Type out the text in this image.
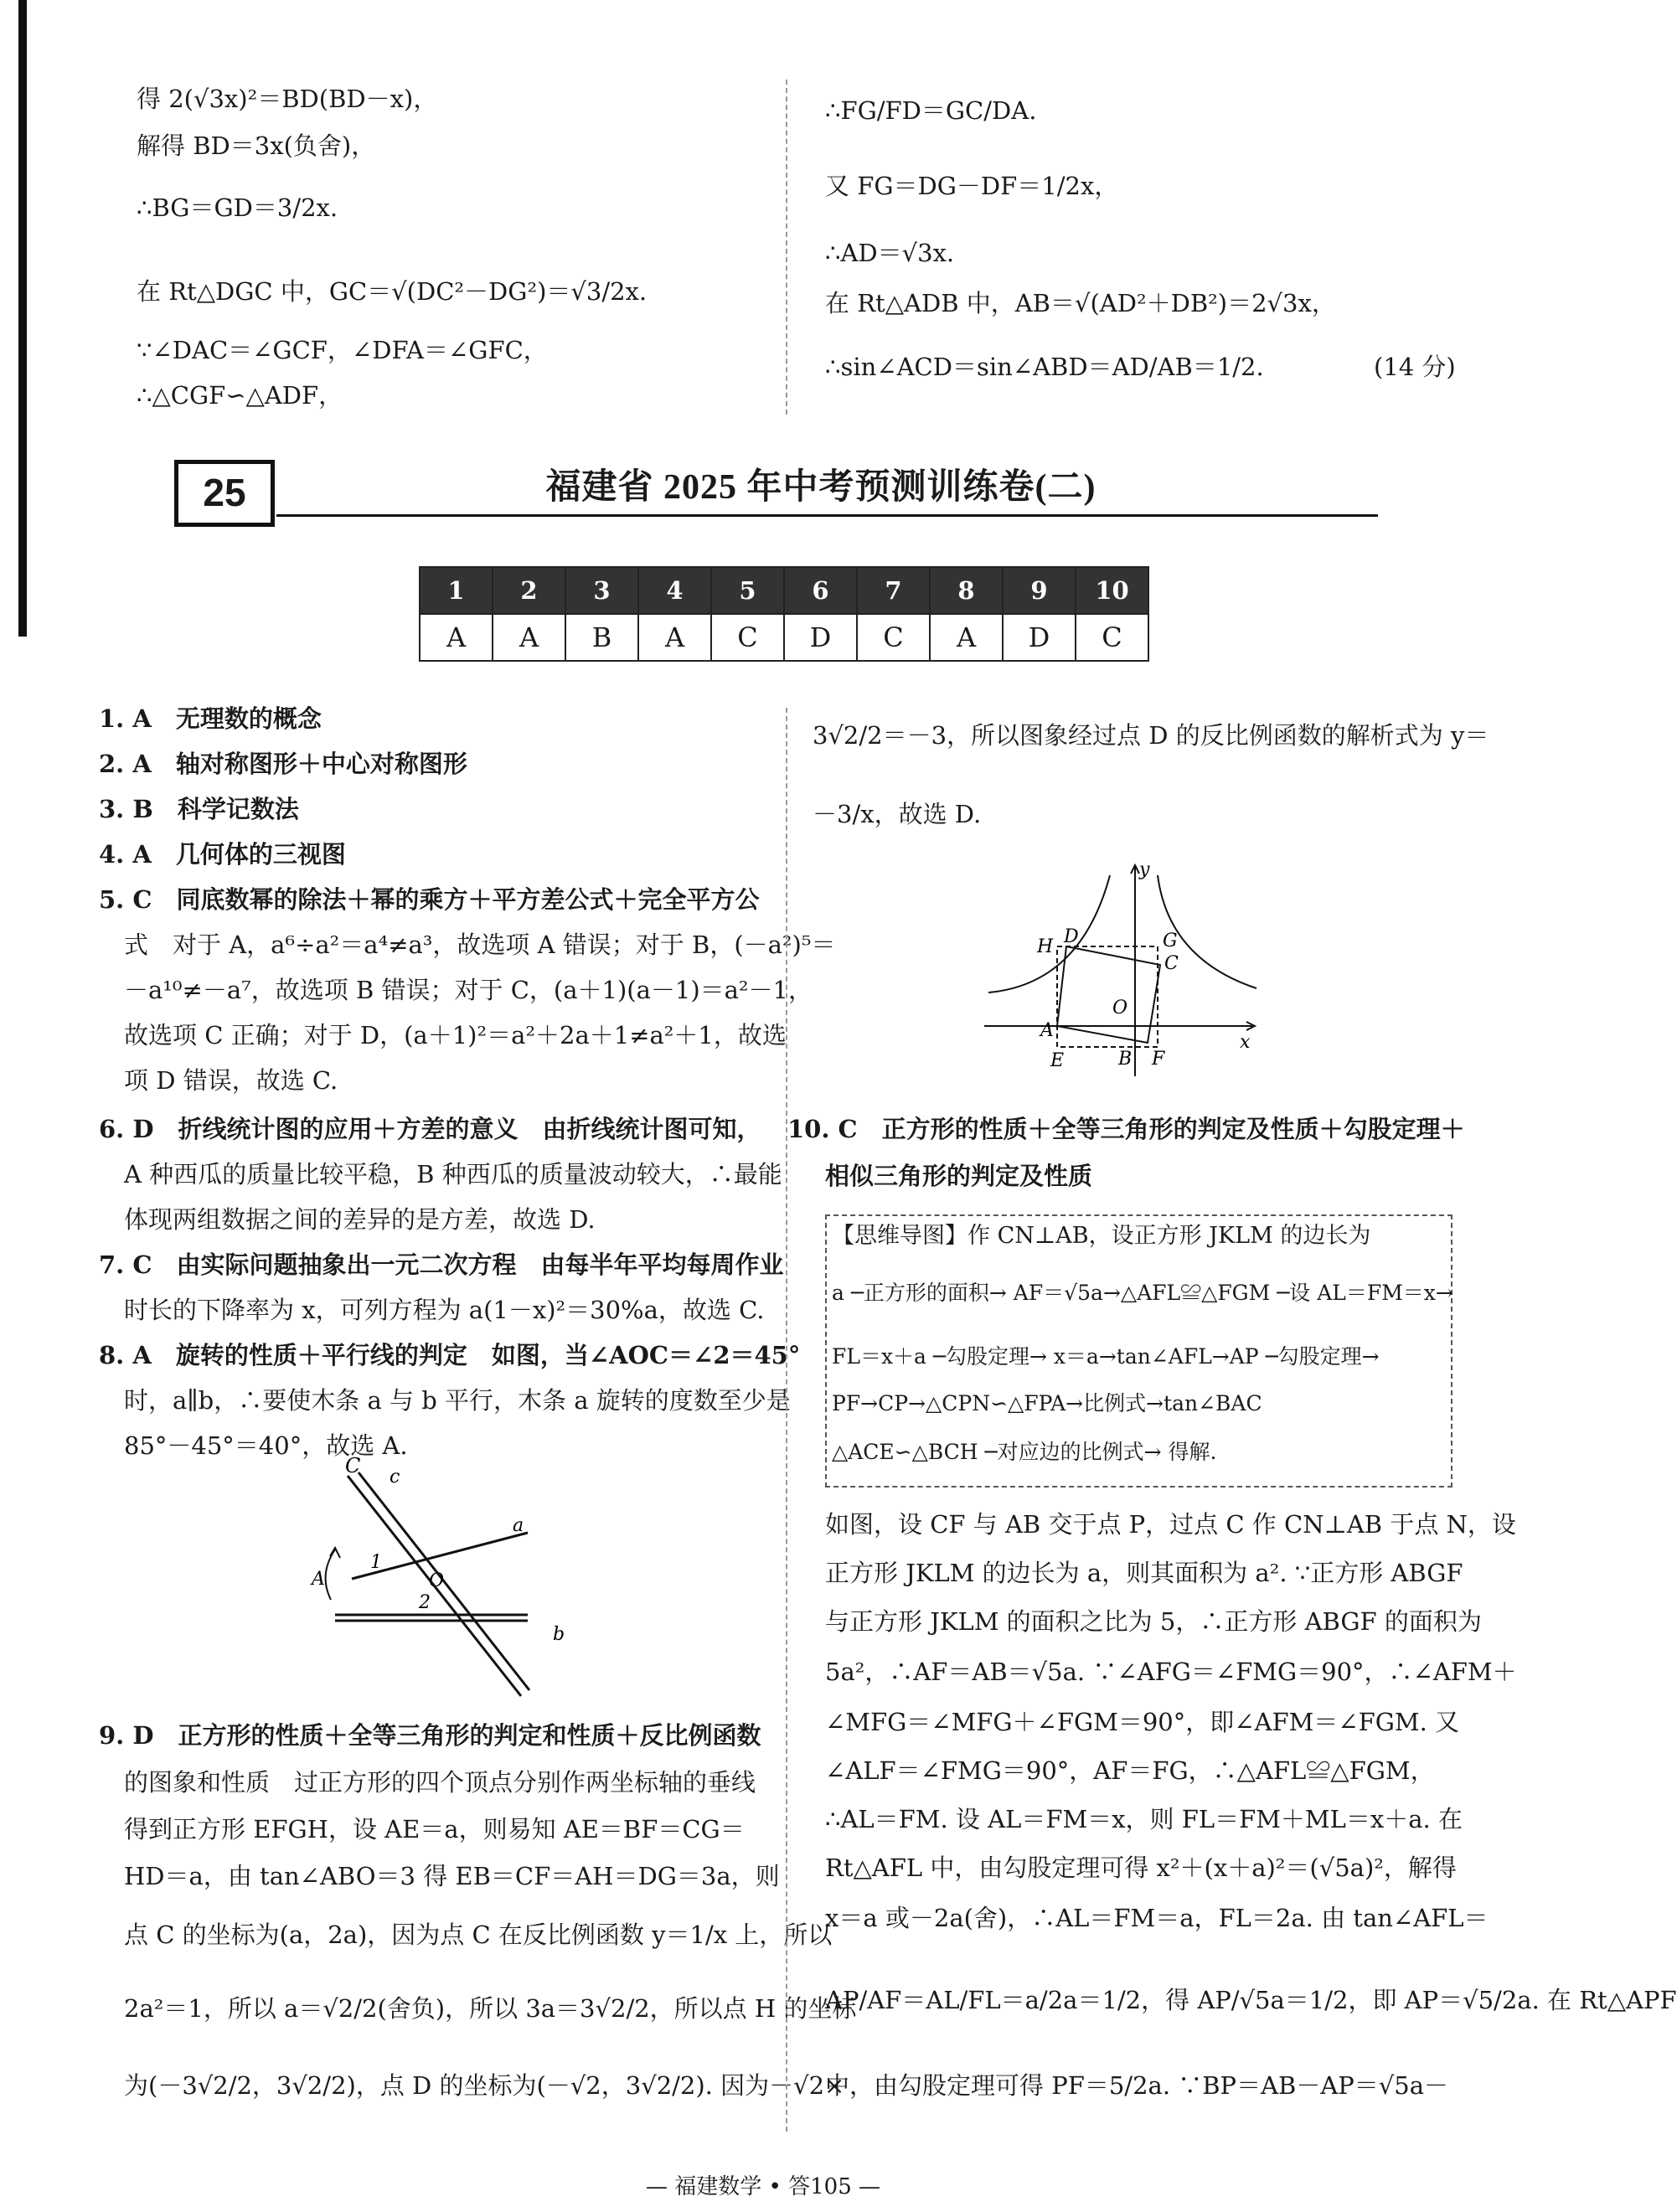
得 2(√3x)²＝BD(BD－x)，
解得 BD＝3x(负舍)，
∴BG＝GD＝3/2x.
在 Rt△DGC 中，GC＝√(DC²－DG²)＝√3/2x.
∵∠DAC＝∠GCF，∠DFA＝∠GFC，
∴△CGF∽△ADF，
∴FG/FD＝GC/DA.
又 FG＝DG－DF＝1/2x，
∴AD＝√3x.
在 Rt△ADB 中，AB＝√(AD²＋DB²)＝2√3x，
∴sin∠ACD＝sin∠ABD＝AD/AB＝1/2.	(14 分)
25	福建省 2025 年中考预测训练卷(二)
1	2	3	4	5	6	7	8	9	10
A	A	B	A	C	D	C	A	D	C
1. A　无理数的概念
2. A　轴对称图形＋中心对称图形
3. B　科学记数法
4. A　几何体的三视图
5. C　同底数幂的除法＋幂的乘方＋平方差公式＋完全平方公
式　对于 A，a⁶÷a²＝a⁴≠a³，故选项 A 错误；对于 B，(－a²)⁵＝
－a¹⁰≠－a⁷，故选项 B 错误；对于 C，(a＋1)(a－1)＝a²－1，
故选项 C 正确；对于 D，(a＋1)²＝a²＋2a＋1≠a²＋1，故选
项 D 错误，故选 C.
6. D　折线统计图的应用＋方差的意义　由折线统计图可知，
A 种西瓜的质量比较平稳，B 种西瓜的质量波动较大，∴最能
体现两组数据之间的差异的是方差，故选 D.
7. C　由实际问题抽象出一元二次方程　由每半年平均每周作业
时长的下降率为 x，可列方程为 a(1－x)²＝30%a，故选 C.
8. A　旋转的性质＋平行线的判定　如图，当∠AOC＝∠2＝45°
时，a∥b，∴要使木条 a 与 b 平行，木条 a 旋转的度数至少是
85°－45°＝40°，故选 A.
9. D　正方形的性质＋全等三角形的判定和性质＋反比例函数
的图象和性质　过正方形的四个顶点分别作两坐标轴的垂线
得到正方形 EFGH，设 AE＝a，则易知 AE＝BF＝CG＝
HD＝a，由 tan∠ABO＝3 得 EB＝CF＝AH＝DG＝3a，则
点 C 的坐标为(a，2a)，因为点 C 在反比例函数 y＝1/x 上，所以
2a²＝1，所以 a＝√2/2(舍负)，所以 3a＝3√2/2，所以点 H 的坐标
为(－3√2/2，3√2/2)，点 D 的坐标为(－√2，3√2/2). 因为－√2×
C c
a
1
O
A
2
b
3√2/2＝－3，所以图象经过点 D 的反比例函数的解析式为 y＝
－3/x，故选 D.
y
H D	G
C
O
A
x
E	B F
10. C　正方形的性质＋全等三角形的判定及性质＋勾股定理＋
相似三角形的判定及性质
【思维导图】作 CN⊥AB，设正方形 JKLM 的边长为
a ─正方形的面积→ AF＝√5a→△AFL≌△FGM ─设 AL＝FM＝x→
FL＝x＋a ─勾股定理→ x＝a→tan∠AFL→AP ─勾股定理→
PF→CP→△CPN∽△FPA→比例式→tan∠BAC
△ACE∽△BCH ─对应边的比例式→ 得解.
如图，设 CF 与 AB 交于点 P，过点 C 作 CN⊥AB 于点 N，设
正方形 JKLM 的边长为 a，则其面积为 a². ∵正方形 ABGF
与正方形 JKLM 的面积之比为 5，∴正方形 ABGF 的面积为
5a²，∴AF＝AB＝√5a. ∵∠AFG＝∠FMG＝90°，∴∠AFM＋
∠MFG＝∠MFG＋∠FGM＝90°，即∠AFM＝∠FGM. 又
∠ALF＝∠FMG＝90°，AF＝FG，∴△AFL≌△FGM，
∴AL＝FM. 设 AL＝FM＝x，则 FL＝FM＋ML＝x＋a. 在
Rt△AFL 中，由勾股定理可得 x²＋(x＋a)²＝(√5a)²，解得
x＝a 或－2a(舍)，∴AL＝FM＝a，FL＝2a. 由 tan∠AFL＝
AP/AF＝AL/FL＝a/2a＝1/2，得 AP/√5a＝1/2，即 AP＝√5/2a. 在 Rt△APF
中，由勾股定理可得 PF＝5/2a. ∵BP＝AB－AP＝√5a－
— 福建数学 • 答105 —
